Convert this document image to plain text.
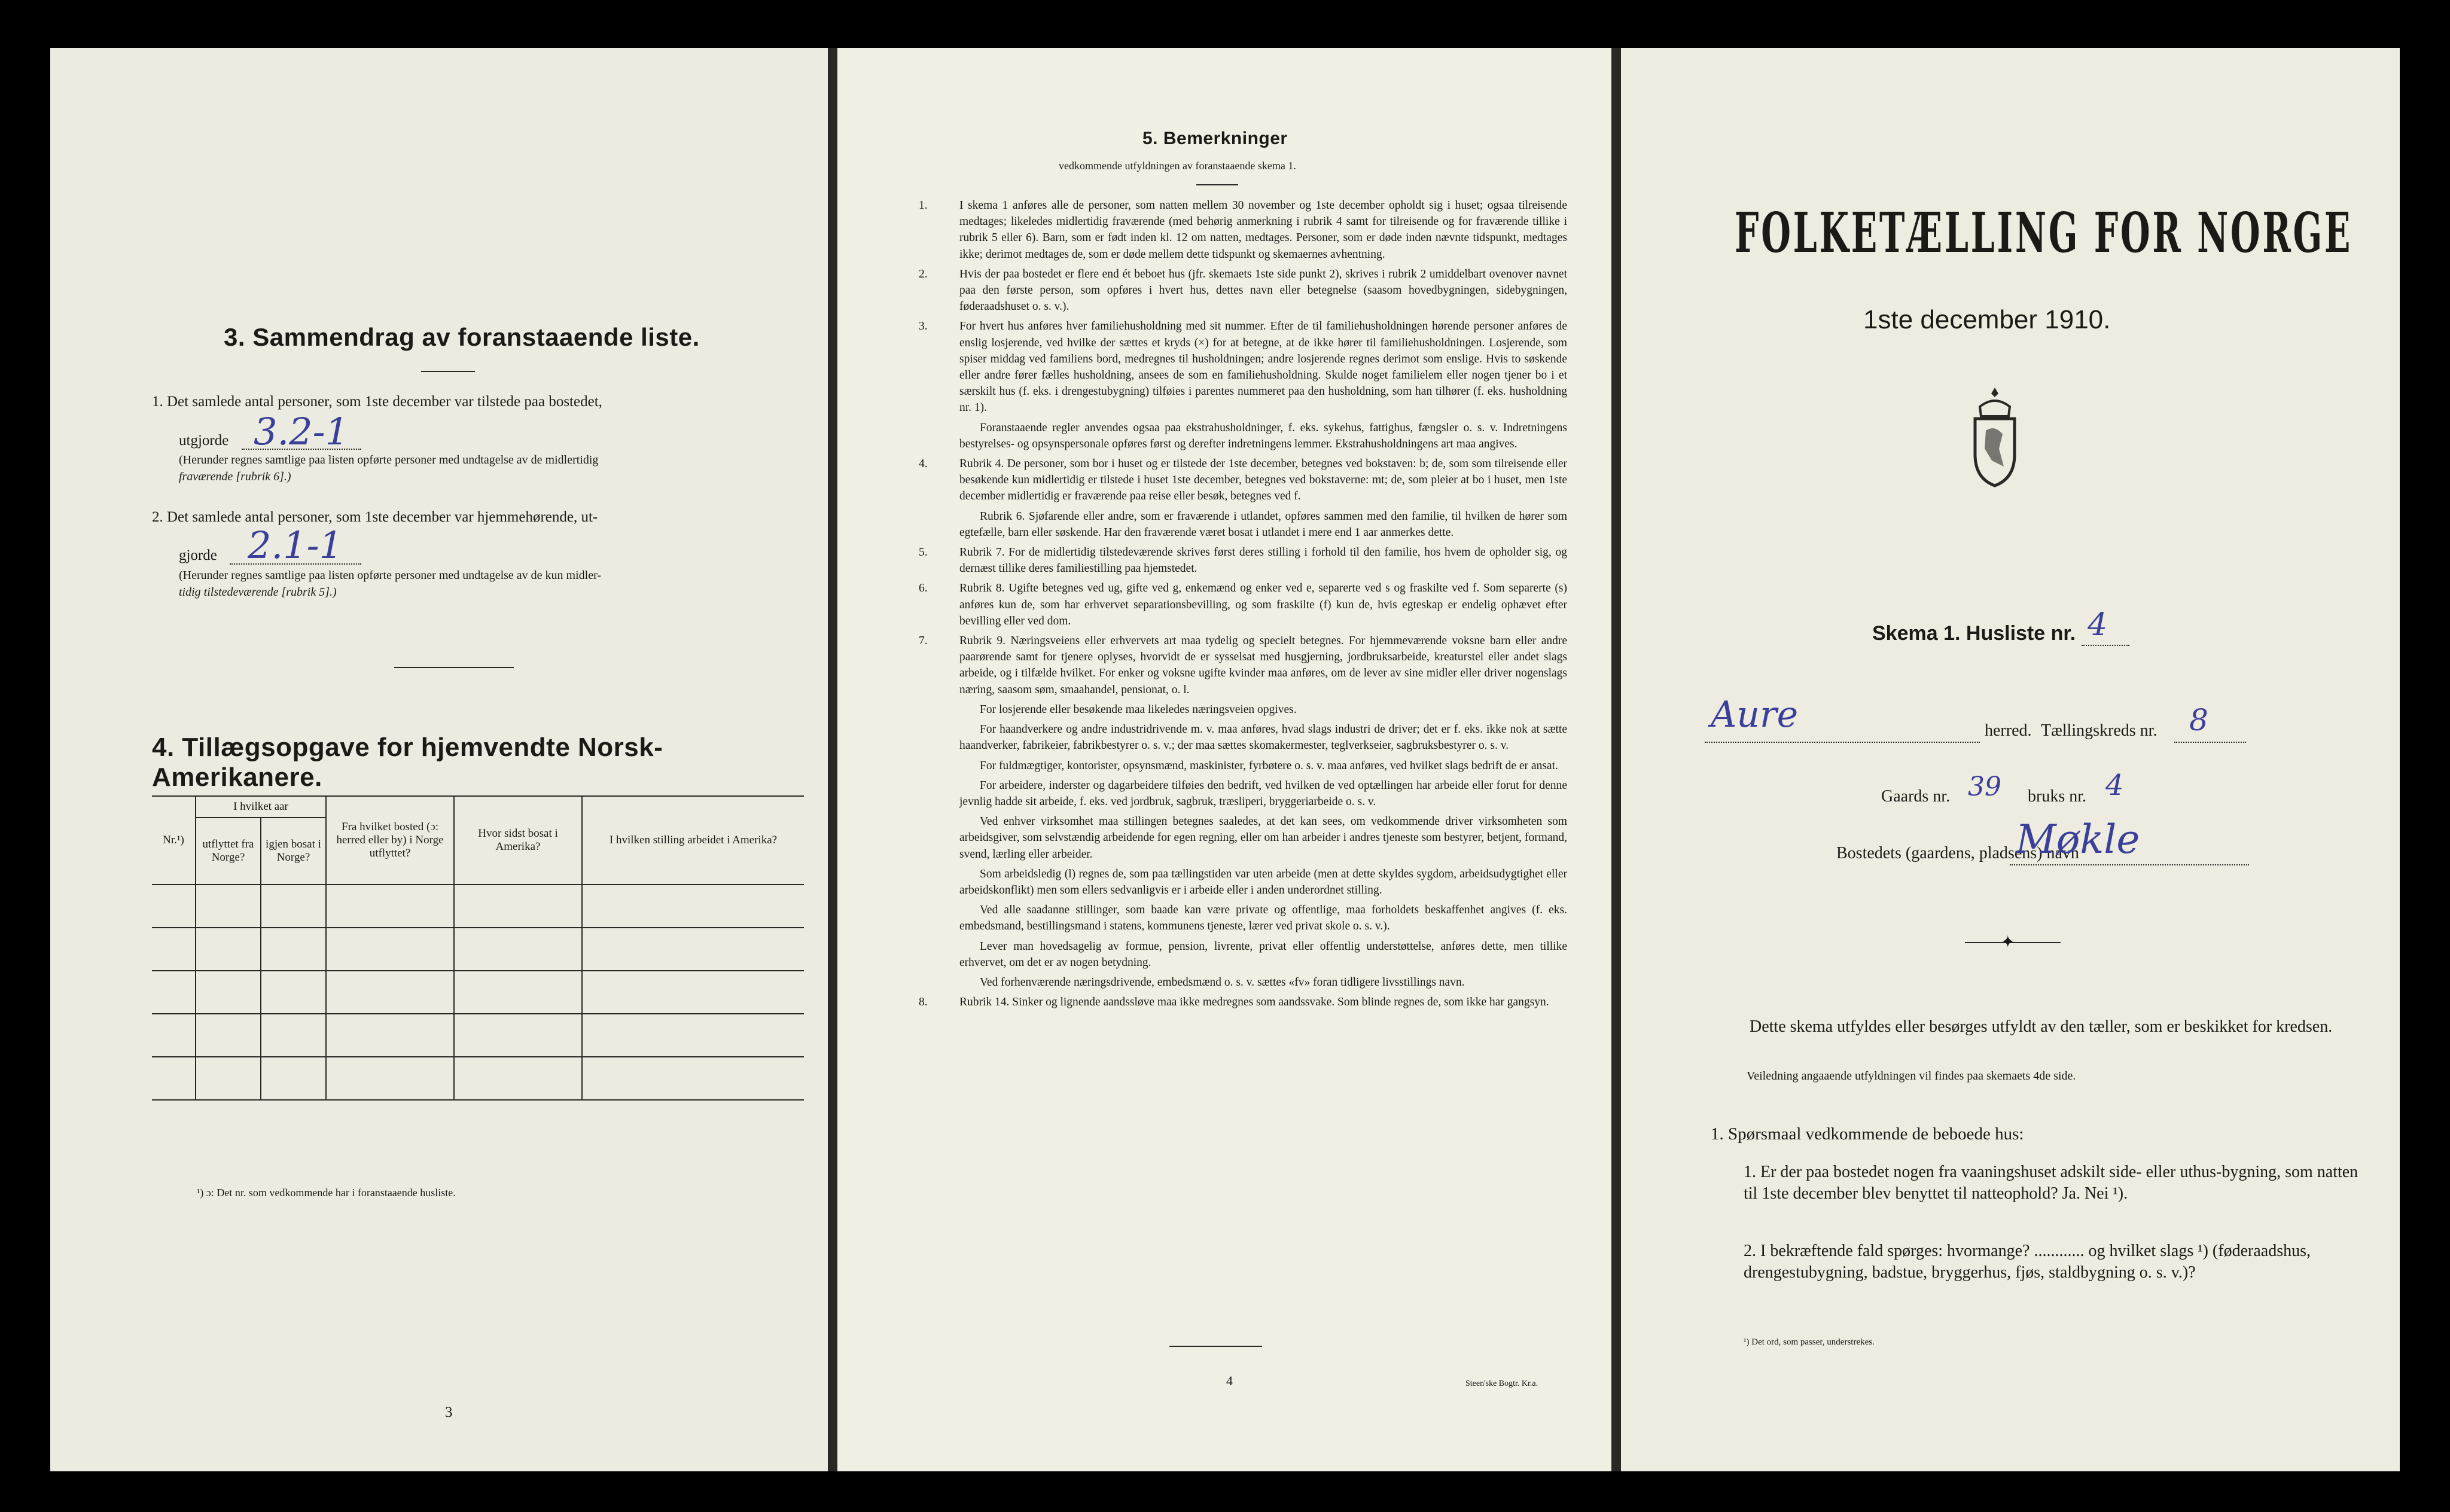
3. Sammendrag av foranstaaende liste.
1. Det samlede antal personer, som 1ste december var tilstede paa bostedet,
utgjorde 3.2-1
(Herunder regnes samtlige paa listen opførte personer med undtagelse av de midlertidig
fraværende [rubrik 6].)
2. Det samlede antal personer, som 1ste december var hjemmehørende, ut-
gjorde 2.1-1
(Herunder regnes samtlige paa listen opførte personer med undtagelse av de kun midler-
tidig tilstedeværende [rubrik 5].)
4. Tillægsopgave for hjemvendte Norsk-Amerikanere.
Nr.¹)	I hvilket aar		Fra hvilket bosted (ɔ: herred eller by) i Norge utflyttet?	Hvor sidst bosat i Amerika?	I hvilken stilling arbeidet i Amerika?
	utflyttet fra Norge?	igjen bosat i Norge?			

¹) ɔ: Det nr. som vedkommende har i foranstaaende husliste.
3
5. Bemerkninger
vedkommende utfyldningen av foranstaaende skema 1.

1.	I skema 1 anføres alle de personer, som natten mellem 30 november og 1ste december opholdt sig i huset; ogsaa tilreisende medtages; likeledes midlertidig fraværende (med behørig anmerkning i rubrik 4 samt for tilreisende og for fraværende tillike i rubrik 5 eller 6). Barn, som er født inden kl. 12 om natten, medtages. Personer, som er døde inden nævnte tidspunkt, medtages ikke; derimot medtages de, som er døde mellem dette tidspunkt og skemaernes avhentning.

2.	Hvis der paa bostedet er flere end ét beboet hus (jfr. skemaets 1ste side punkt 2), skrives i rubrik 2 umiddelbart ovenover navnet paa den første person, som opføres i hvert hus, dettes navn eller betegnelse (saasom hovedbygningen, sidebygningen, føderaadshuset o. s. v.).

3.	For hvert hus anføres hver familiehusholdning med sit nummer. Efter de til familiehusholdningen hørende personer anføres de enslig losjerende, ved hvilke der sættes et kryds (×) for at betegne, at de ikke hører til familiehusholdningen. Losjerende, som spiser middag ved familiens bord, medregnes til husholdningen; andre losjerende regnes derimot som enslige. Hvis to søskende eller andre fører fælles husholdning, ansees de som en familiehusholdning. Skulde noget familielem eller nogen tjener bo i et særskilt hus (f. eks. i drengestubygning) tilføies i parentes nummeret paa den husholdning, som han tilhører (f. eks. husholdning nr. 1).

Foranstaaende regler anvendes ogsaa paa ekstrahusholdninger, f. eks. sykehus, fattighus, fængsler o. s. v. Indretningens bestyrelses- og opsynspersonale opføres først og derefter indretningens lemmer. Ekstrahusholdningens art maa angives.

4.	Rubrik 4. De personer, som bor i huset og er tilstede der 1ste december, betegnes ved bokstaven: b; de, som som tilreisende eller besøkende kun midlertidig er tilstede i huset 1ste december, betegnes ved bokstaverne: mt; de, som pleier at bo i huset, men 1ste december midlertidig er fraværende paa reise eller besøk, betegnes ved f.

Rubrik 6. Sjøfarende eller andre, som er fraværende i utlandet, opføres sammen med den familie, til hvilken de hører som egtefælle, barn eller søskende. Har den fraværende været bosat i utlandet i mere end 1 aar anmerkes dette.

5.	Rubrik 7. For de midlertidig tilstedeværende skrives først deres stilling i forhold til den familie, hos hvem de opholder sig, og dernæst tillike deres familiestilling paa hjemstedet.

6.	Rubrik 8. Ugifte betegnes ved ug, gifte ved g, enkemænd og enker ved e, separerte ved s og fraskilte ved f. Som separerte (s) anføres kun de, som har erhvervet separationsbevilling, og som fraskilte (f) kun de, hvis egteskap er endelig ophævet efter bevilling eller ved dom.

7.	Rubrik 9. Næringsveiens eller erhvervets art maa tydelig og specielt betegnes. For hjemmeværende voksne barn eller andre paarørende samt for tjenere oplyses, hvorvidt de er sysselsat med husgjerning, jordbruksarbeide, kreaturstel eller andet slags arbeide, og i tilfælde hvilket. For enker og voksne ugifte kvinder maa anføres, om de lever av sine midler eller driver nogenslags næring, saasom søm, smaahandel, pensionat, o. l.

For losjerende eller besøkende maa likeledes næringsveien opgives.

For haandverkere og andre industridrivende m. v. maa anføres, hvad slags industri de driver; det er f. eks. ikke nok at sætte haandverker, fabrikeier, fabrikbestyrer o. s. v.; der maa sættes skomakermester, teglverkseier, sagbruksbestyrer o. s. v.

For fuldmægtiger, kontorister, opsynsmænd, maskinister, fyrbøtere o. s. v. maa anføres, ved hvilket slags bedrift de er ansat.

For arbeidere, inderster og dagarbeidere tilføies den bedrift, ved hvilken de ved optællingen har arbeide eller forut for denne jevnlig hadde sit arbeide, f. eks. ved jordbruk, sagbruk, træsliperi, bryggeriarbeide o. s. v.

Ved enhver virksomhet maa stillingen betegnes saaledes, at det kan sees, om vedkommende driver virksomheten som arbeidsgiver, som selvstændig arbeidende for egen regning, eller om han arbeider i andres tjeneste som bestyrer, betjent, formand, svend, lærling eller arbeider.

Som arbeidsledig (l) regnes de, som paa tællingstiden var uten arbeide (men at dette skyldes sygdom, arbeidsudygtighet eller arbeidskonflikt) men som ellers sedvanligvis er i arbeide eller i anden underordnet stilling.

Ved alle saadanne stillinger, som baade kan være private og offentlige, maa forholdets beskaffenhet angives (f. eks. embedsmand, bestillingsmand i statens, kommunens tjeneste, lærer ved privat skole o. s. v.).

Lever man hovedsagelig av formue, pension, livrente, privat eller offentlig understøttelse, anføres dette, men tillike erhvervet, om det er av nogen betydning.

Ved forhenværende næringsdrivende, embedsmænd o. s. v. sættes «fv» foran tidligere livsstillings navn.

8.	Rubrik 14. Sinker og lignende aandssløve maa ikke medregnes som aandssvake. Som blinde regnes de, som ikke har gangsyn.

4	Steen'ske Bogtr. Kr.a.
FOLKETÆLLING FOR NORGE
1ste december 1910.
Skema 1. Husliste nr. 4
Aure	herred. Tællingskreds nr. 8
Gaards nr. 39 bruks nr. 4
Bostedets (gaardens, pladsens) navn
Møkle
✦
Dette skema utfyldes eller besørges utfyldt av den tæller, som er beskikket for kredsen.
Veiledning angaaende utfyldningen vil findes paa skemaets 4de side.
1. Spørsmaal vedkommende de beboede hus:
1. Er der paa bostedet nogen fra vaaningshuset adskilt side- eller uthus-bygning, som natten til 1ste december blev benyttet til natteophold? Ja. Nei ¹).
2. I bekræftende fald spørges: hvormange? ............ og hvilket slags ¹) (føderaadshus, drengestubygning, badstue, bryggerhus, fjøs, staldbygning o. s. v.)?
¹) Det ord, som passer, understrekes.
